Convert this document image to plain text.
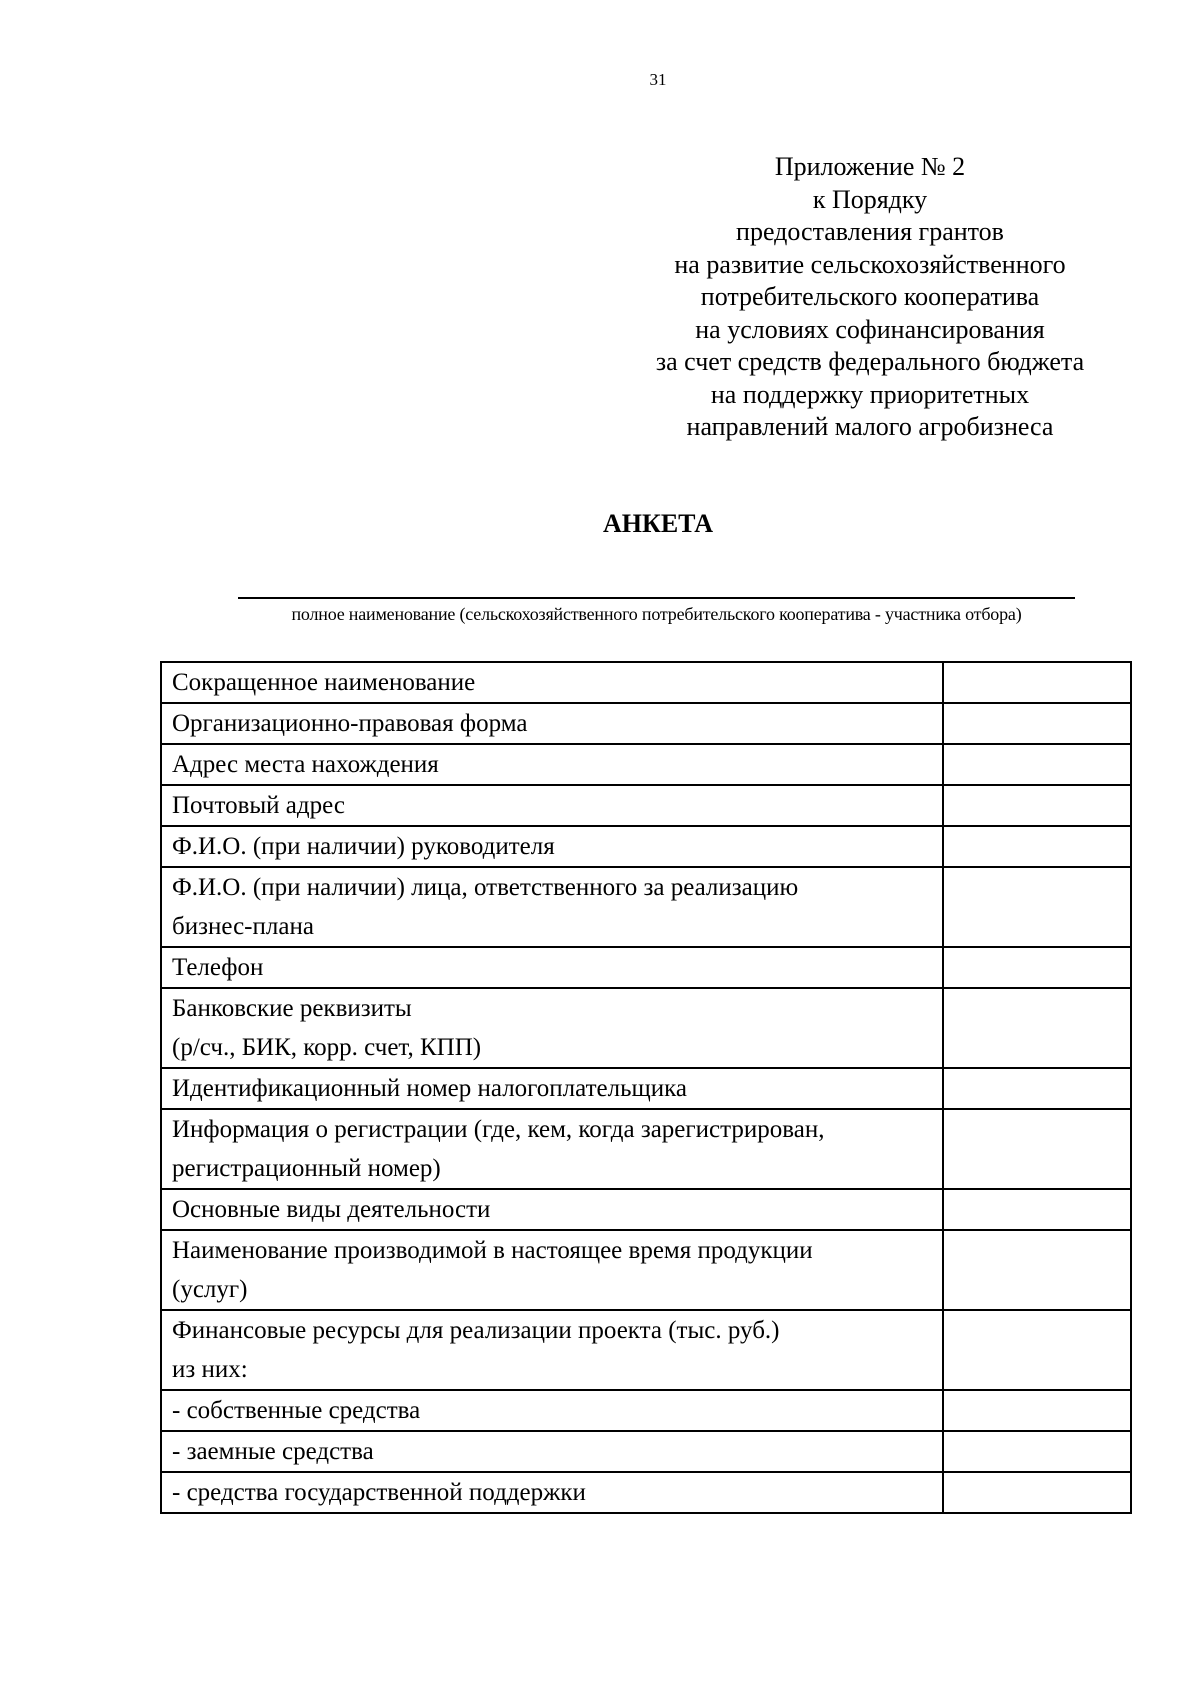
31
Приложение № 2
к Порядку
предоставления грантов
на развитие сельскохозяйственного
потребительского кооператива
на условиях софинансирования
за счет средств федерального бюджета
на поддержку приоритетных
направлений малого агробизнеса
АНКЕТА
полное наименование (сельскохозяйственного потребительского кооператива - участника отбора)
Сокращенное наименование	

Организационно-правовая форма	

Адрес места нахождения	

Почтовый адрес	

Ф.И.О. (при наличии) руководителя	

Ф.И.О. (при наличии) лица, ответственного за реализацию
бизнес-плана	

Телефон	

Банковские реквизиты
(р/сч., БИК, корр. счет, КПП)	

Идентификационный номер налогоплательщика	

Информация о регистрации (где, кем, когда зарегистрирован,
регистрационный номер)	

Основные виды деятельности	

Наименование производимой в настоящее время продукции
(услуг)	

Финансовые ресурсы для реализации проекта (тыс. руб.)
из них:	

- собственные средства	

- заемные средства	

- средства государственной поддержки	
